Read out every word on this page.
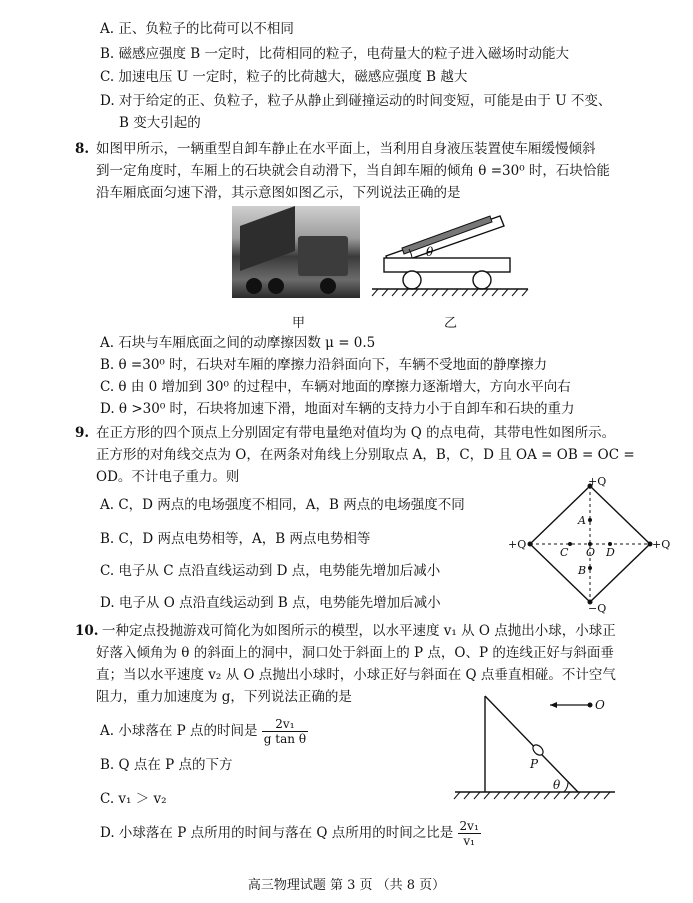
A. 正、负粒子的比荷可以不相同
B. 磁感应强度 B 一定时，比荷相同的粒子，电荷量大的粒子进入磁场时动能大
C. 加速电压 U 一定时，粒子的比荷越大，磁感应强度 B 越大
D. 对于给定的正、负粒子，粒子从静止到碰撞运动的时间变短，可能是由于 U 不变、
B 变大引起的
8. 如图甲所示，一辆重型自卸车静止在水平面上，当利用自身液压装置使车厢缓慢倾斜
到一定角度时，车厢上的石块就会自动滑下，当自卸车厢的倾角 θ =30⁰ 时，石块恰能
沿车厢底面匀速下滑，其示意图如图乙示，下列说法正确的是
θ
甲	乙
A. 石块与车厢底面之间的动摩擦因数 μ = 0.5
B. θ =30⁰ 时，石块对车厢的摩擦力沿斜面向下，车辆不受地面的静摩擦力
C. θ 由 0 增加到 30⁰ 的过程中，车辆对地面的摩擦力逐渐增大，方向水平向右
D. θ >30⁰ 时，石块将加速下滑，地面对车辆的支持力小于自卸车和石块的重力
9. 在正方形的四个顶点上分别固定有带电量绝对值均为 Q 的点电荷，其带电性如图所示。
正方形的对角线交点为 O，在两条对角线上分别取点 A，B，C，D 且 OA = OB = OC =
OD。不计电子重力。则
A. C，D 两点的电场强度不相同，A，B 两点的电场强度不同
B. C，D 两点电势相等，A，B 两点电势相等
C. 电子从 C 点沿直线运动到 D 点，电势能先增加后减小
D. 电子从 O 点沿直线运动到 B 点，电势能先增加后减小
+Q
+Q	+Q
−Q
A
B
C O D
10. 一种定点投抛游戏可简化为如图所示的模型，以水平速度 v₁ 从 O 点抛出小球，小球正
好落入倾角为 θ 的斜面上的洞中，洞口处于斜面上的 P 点，O、P 的连线正好与斜面垂
直；当以水平速度 v₂ 从 O 点抛出小球时，小球正好与斜面在 Q 点垂直相碰。不计空气
阻力，重力加速度为 g，下列说法正确的是
A. 小球落在 P 点的时间是 $\frac{\text{2v₁}}{\text{g tan θ}}$
B. Q 点在 P 点的下方
C. v₁ ＞ v₂
D. 小球落在 P 点所用的时间与落在 Q 点所用的时间之比是 $\frac{\text{2v₁}}{\text{v₁}}$
O
P
θ
高三物理试题 第 3 页 （共 8 页）
